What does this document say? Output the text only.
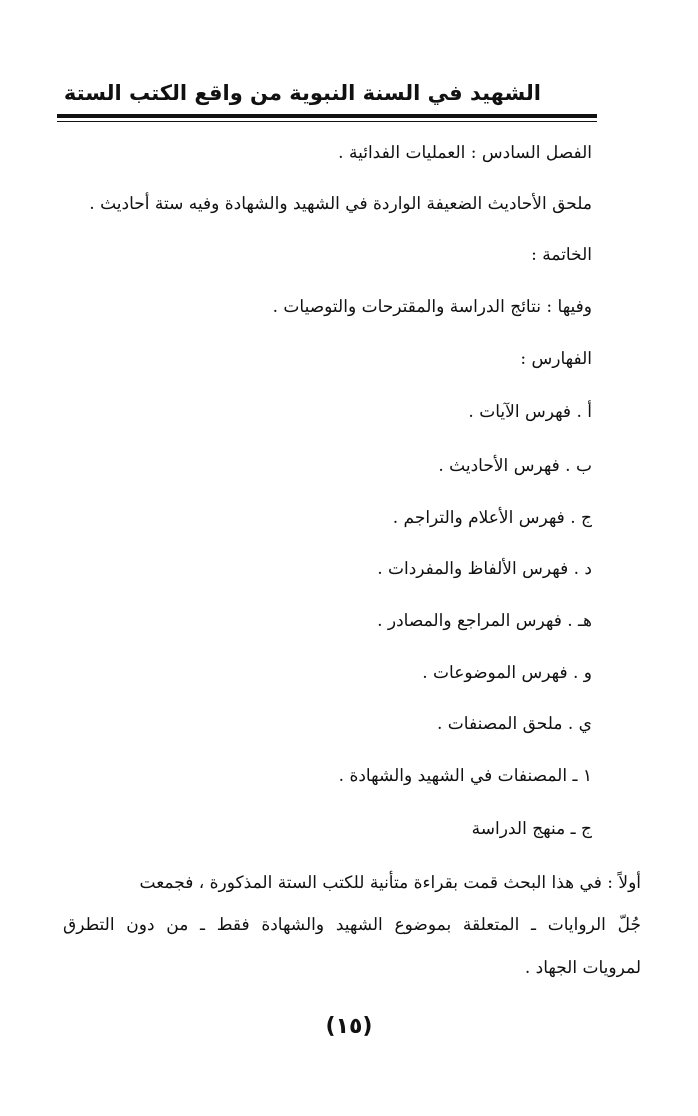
الشهيد في السنة النبوية من واقع الكتب الستة
الفصل السادس : العمليات الفدائية .
ملحق الأحاديث الضعيفة الواردة في الشهيد والشهادة وفيه ستة أحاديث .
الخاتمة :
وفيها : نتائج الدراسة والمقترحات والتوصيات .
الفهارس :
أ . فهرس الآيات .
ب . فهرس الأحاديث .
ج . فهرس الأعلام والتراجم .
د . فهرس الألفاظ والمفردات .
هـ . فهرس المراجع والمصادر .
و . فهرس الموضوعات .
ي . ملحق المصنفات .
١ ـ المصنفات في الشهيد والشهادة .
ج ـ منهج الدراسة
أولاً : في هذا البحث قمت بقراءة متأنية للكتب الستة المذكورة ، فجمعت
جُلّ الروايات ـ المتعلقة بموضوع الشهيد والشهادة فقط ـ من دون التطرق
لمرويات الجهاد .
(١٥)
